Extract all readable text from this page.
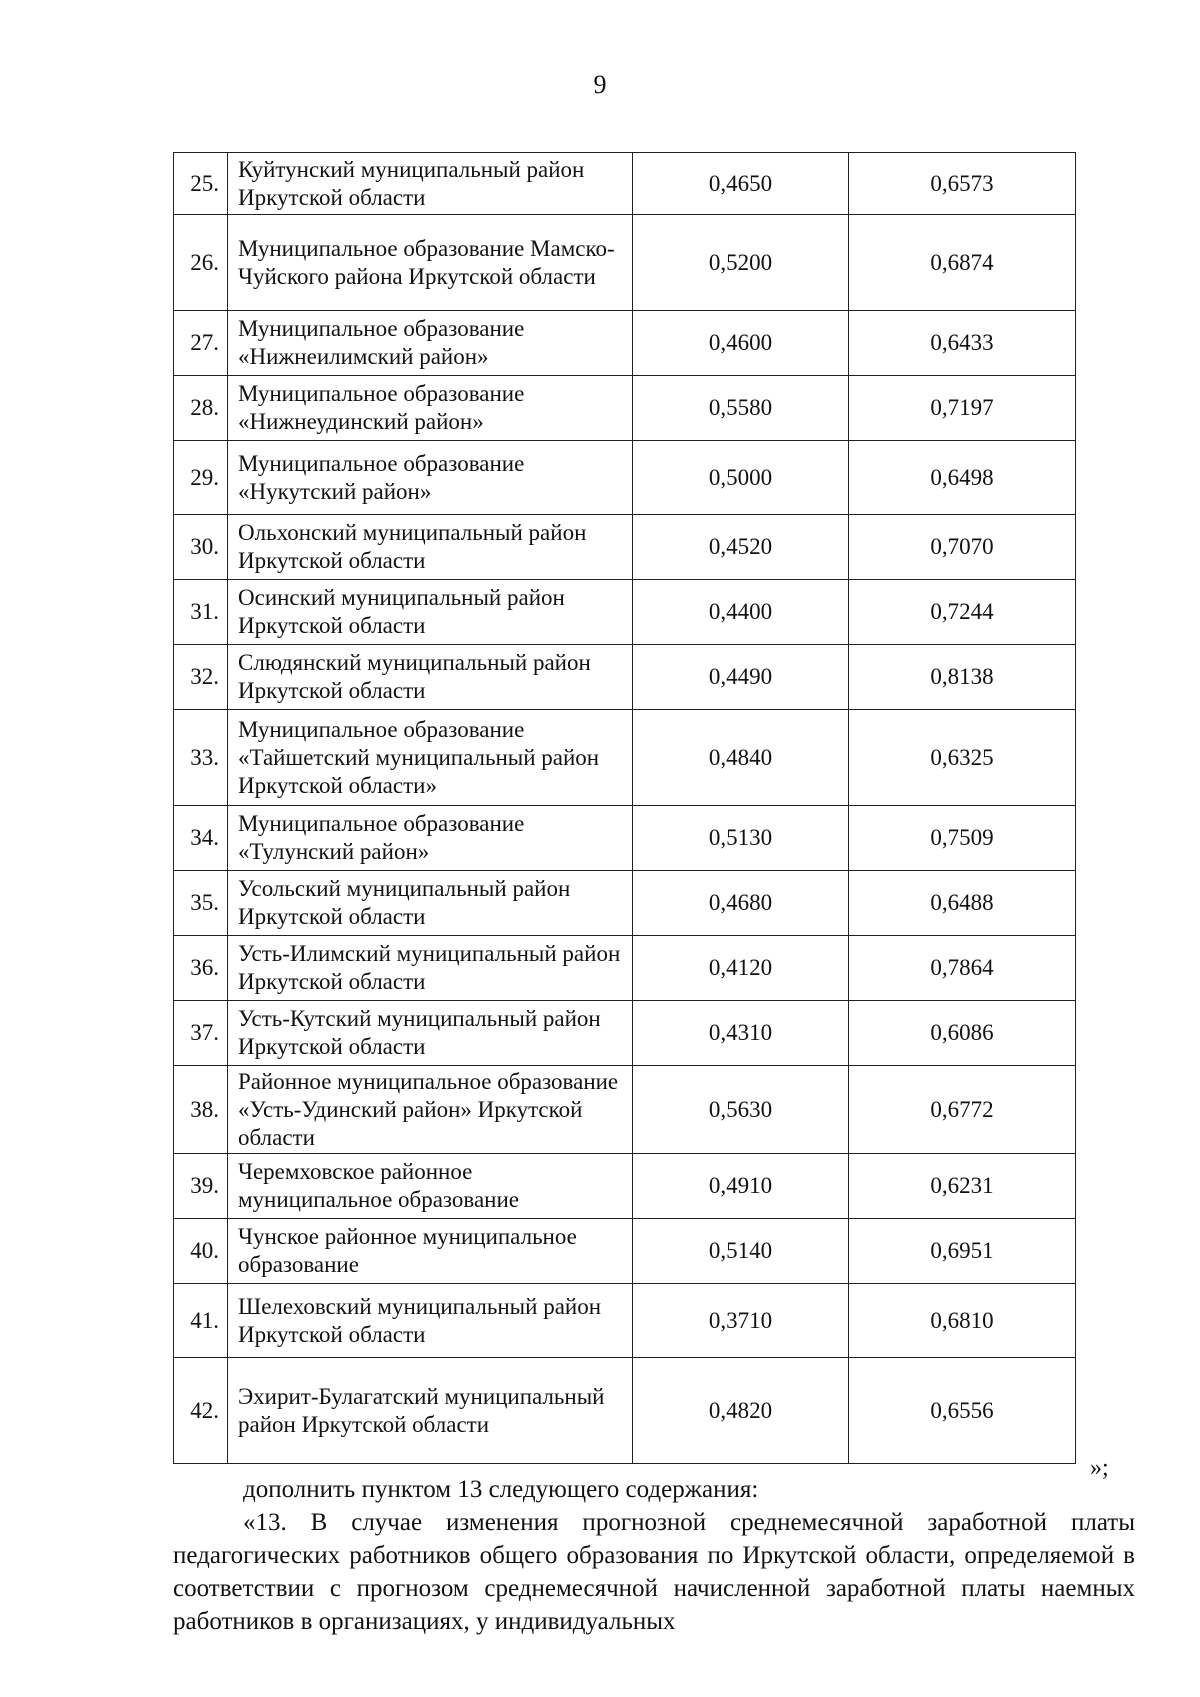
9
25.	Куйтунский муниципальный район Иркутской области	0,4650	0,6573
26.	Муниципальное образование Мамско-Чуйского района Иркутской области	0,5200	0,6874
27.	Муниципальное образование «Нижнеилимский район»	0,4600	0,6433
28.	Муниципальное образование «Нижнеудинский район»	0,5580	0,7197
29.	Муниципальное образование «Нукутский район»	0,5000	0,6498
30.	Ольхонский муниципальный район Иркутской области	0,4520	0,7070
31.	Осинский муниципальный район Иркутской области	0,4400	0,7244
32.	Слюдянский муниципальный район Иркутской области	0,4490	0,8138
33.	Муниципальное образование «Тайшетский муниципальный район Иркутской области»	0,4840	0,6325
34.	Муниципальное образование «Тулунский район»	0,5130	0,7509
35.	Усольский муниципальный район Иркутской области	0,4680	0,6488
36.	Усть-Илимский муниципальный район Иркутской области	0,4120	0,7864
37.	Усть-Кутский муниципальный район Иркутской области	0,4310	0,6086
38.	Районное муниципальное образование «Усть-Удинский район» Иркутской области	0,5630	0,6772
39.	Черемховское районное муниципальное образование	0,4910	0,6231
40.	Чунское районное муниципальное образование	0,5140	0,6951
41.	Шелеховский муниципальный район Иркутской области	0,3710	0,6810
42.	Эхирит-Булагатский муниципальный район Иркутской области	0,4820	0,6556
»;

дополнить пунктом 13 следующего содержания:

«13. В случае изменения прогнозной среднемесячной заработной платы педагогических работников общего образования по Иркутской области, определяемой в соответствии с прогнозом среднемесячной начисленной заработной платы наемных работников в организациях, у индивидуальных
